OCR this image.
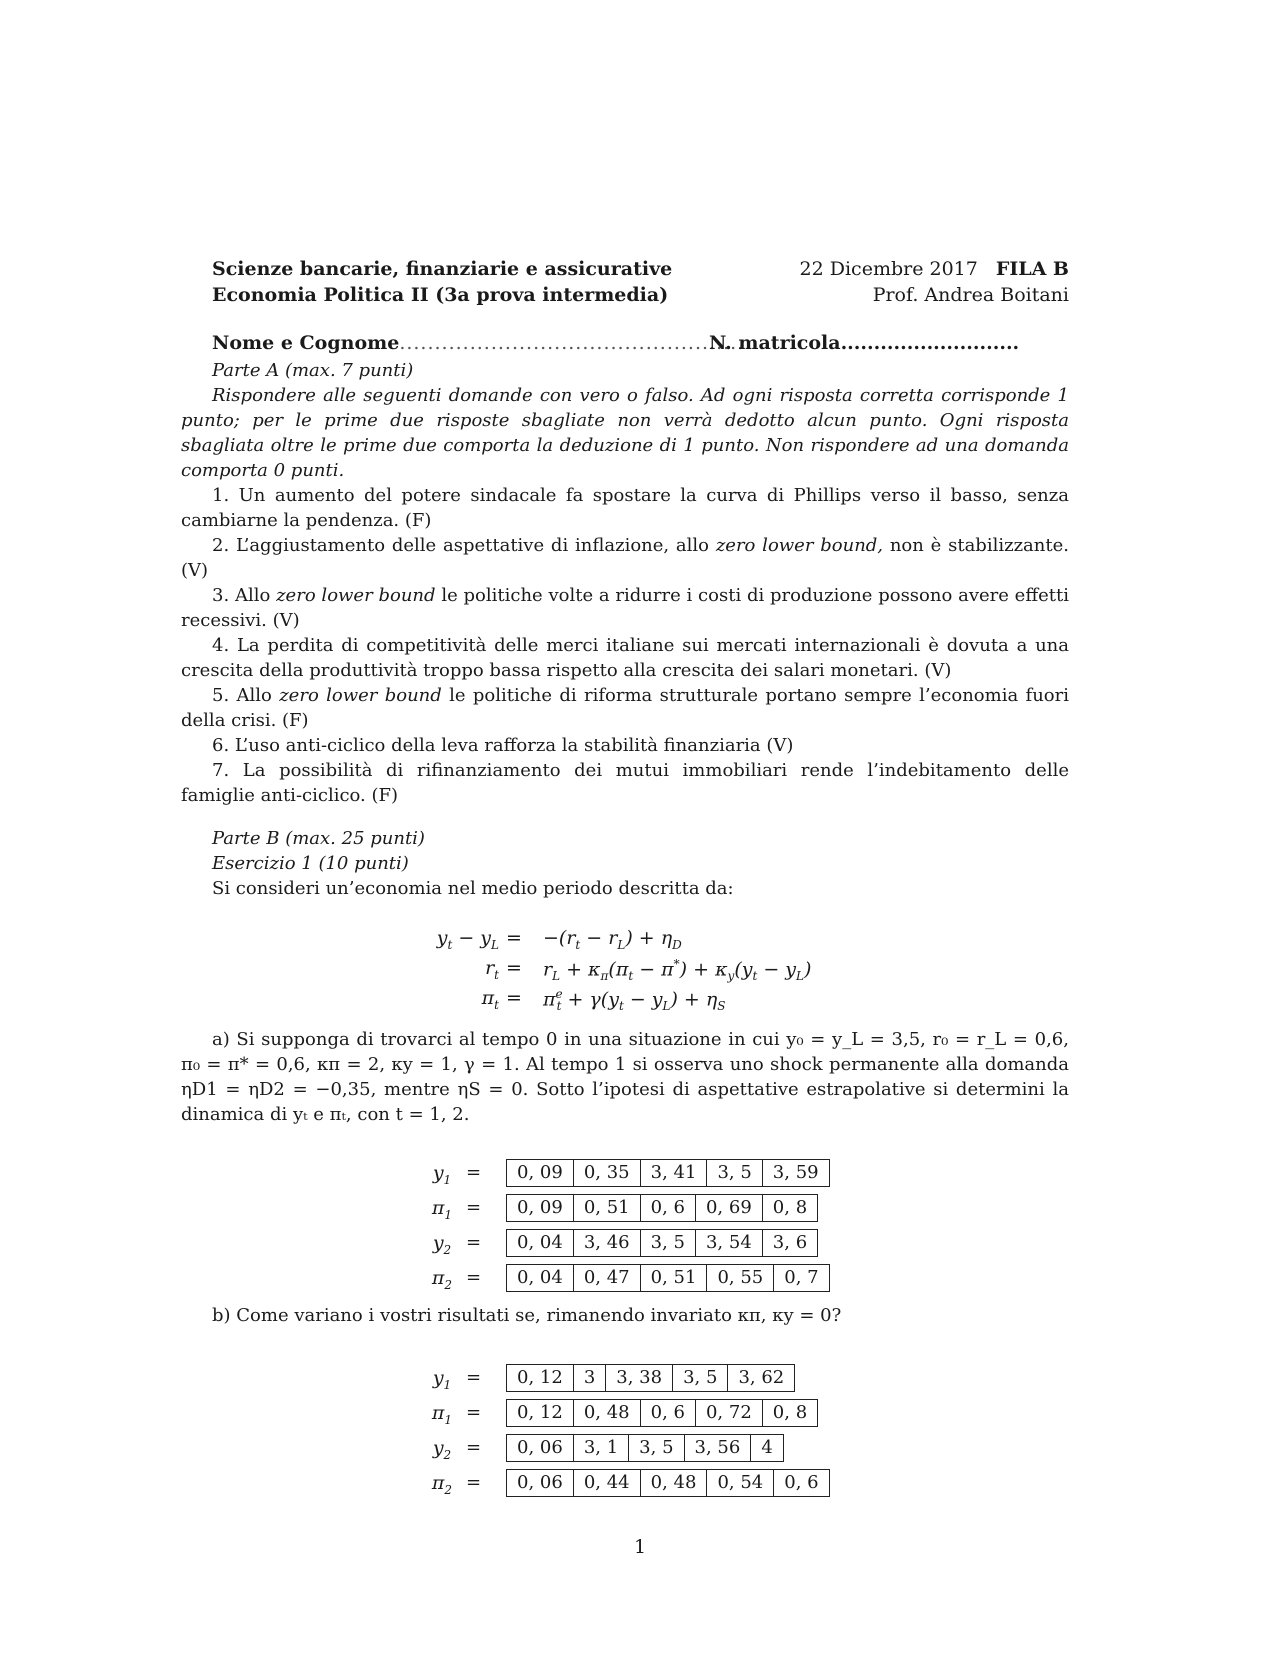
Scienze bancarie, finanziarie e assicurative	22 Dicembre 2017 FILA B
Economia Politica II (3a prova intermedia)	Prof. Andrea Boitani
Nome e Cognome.................................................
N. matricola...........................
Parte A (max. 7 punti)
Rispondere alle seguenti domande con vero o falso. Ad ogni risposta corretta corrisponde 1 punto; per le prime due risposte sbagliate non verrà dedotto alcun punto. Ogni risposta sbagliata oltre le prime due comporta la deduzione di 1 punto. Non rispondere ad una domanda comporta 0 punti.
1. Un aumento del potere sindacale fa spostare la curva di Phillips verso il basso, senza cambiarne la pendenza. (F)
2. L’aggiustamento delle aspettative di inflazione, allo zero lower bound, non è stabilizzante. (V)
3. Allo zero lower bound le politiche volte a ridurre i costi di produzione possono avere effetti recessivi. (V)
4. La perdita di competitività delle merci italiane sui mercati internazionali è dovuta a una crescita della produttività troppo bassa rispetto alla crescita dei salari monetari. (V)
5. Allo zero lower bound le politiche di riforma strutturale portano sempre l’economia fuori della crisi. (F)
6. L’uso anti-ciclico della leva rafforza la stabilità finanziaria (V)
7. La possibilità di rifinanziamento dei mutui immobiliari rende l’indebitamento delle famiglie anti-ciclico. (F)
Parte B (max. 25 punti)
Esercizio 1 (10 punti)
Si consideri un’economia nel medio periodo descritta da:
$y_t - y_L = -(r_t - r_L) + \eta_D$
$r_t = r_L + \kappa_\pi(\pi_t - \pi^*) + \kappa_y(y_t - y_L)$
$\pi_t = \pi^e_t + \gamma(y_t - y_L) + \eta_S$
a) Si supponga di trovarci al tempo 0 in una situazione in cui y₀ = y_L = 3,5, r₀ = r_L = 0,6, π₀ = π* = 0,6, κπ = 2, κy = 1, γ = 1. Al tempo 1 si osserva uno shock permanente alla domanda ηD1 = ηD2 = −0,35, mentre ηS = 0. Sotto l’ipotesi di aspettative estrapolative si determini la dinamica di yₜ e πₜ, con t = 1, 2.
$y_1$ =	0, 09	0, 35	3, 41	3, 5	3, 59
$\pi_1$ =	0, 09	0, 51	0, 6	0, 69	0, 8
$y_2$ =	0, 04	3, 46	3, 5	3, 54	3, 6
$\pi_2$ =	0, 04	0, 47	0, 51	0, 55	0, 7
b) Come variano i vostri risultati se, rimanendo invariato κπ, κy = 0?
$y_1$ =	0, 12	3	3, 38	3, 5	3, 62
$\pi_1$ =	0, 12	0, 48	0, 6	0, 72	0, 8
$y_2$ =	0, 06	3, 1	3, 5	3, 56	4
$\pi_2$ =	0, 06	0, 44	0, 48	0, 54	0, 6
1
